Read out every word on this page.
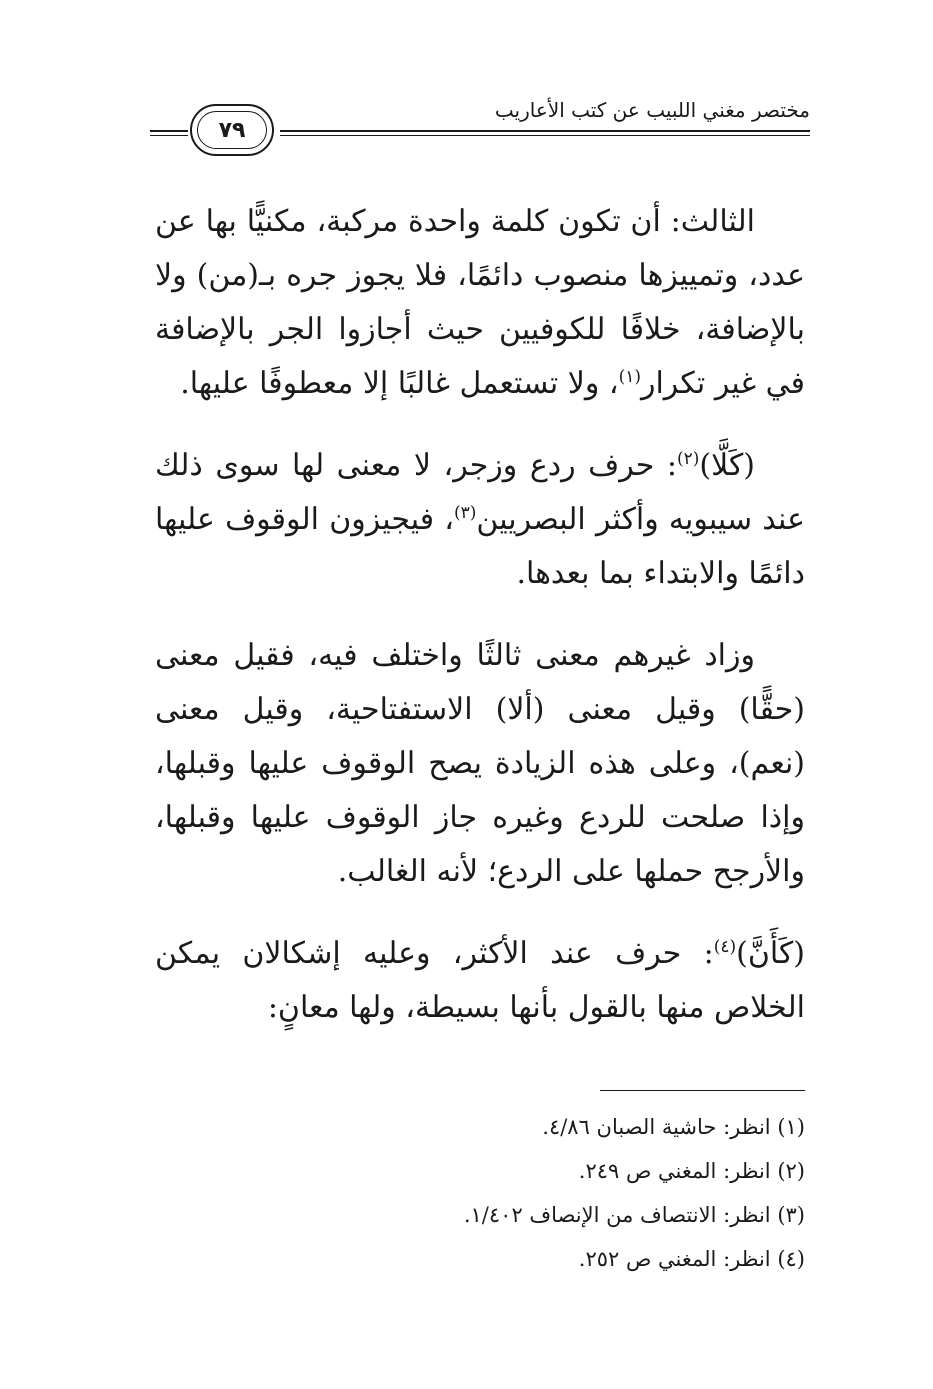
مختصر مغني اللبيب عن كتب الأعاريب
٧٩

الثالث: أن تكون كلمة واحدة مركبة، مكنيًّا بها عن عدد، وتمييزها منصوب دائمًا، فلا يجوز جره بـ(من) ولا بالإضافة، خلافًا للكوفيين حيث أجازوا الجر بالإضافة في غير تكرار$^{(١)}$، ولا تستعمل غالبًا إلا معطوفًا عليها.

(كَلَّا)$^{(٢)}$: حرف ردع وزجر، لا معنى لها سوى ذلك عند سيبويه وأكثر البصريين$^{(٣)}$، فيجيزون الوقوف عليها دائمًا والابتداء بما بعدها.

وزاد غيرهم معنى ثالثًا واختلف فيه، فقيل معنى (حقًّا) وقيل معنى (ألا) الاستفتاحية، وقيل معنى (نعم)، وعلى هذه الزيادة يصح الوقوف عليها وقبلها، وإذا صلحت للردع وغيره جاز الوقوف عليها وقبلها، والأرجح حملها على الردع؛ لأنه الغالب.

(كَأَنَّ)$^{(٤)}$: حرف عند الأكثر، وعليه إشكالان يمكن الخلاص منها بالقول بأنها بسيطة، ولها معانٍ:

(١) انظر: حاشية الصبان ٤/٨٦.

(٢) انظر: المغني ص ٢٤٩.

(٣) انظر: الانتصاف من الإنصاف ١/٤٠٢.

(٤) انظر: المغني ص ٢٥٢.
